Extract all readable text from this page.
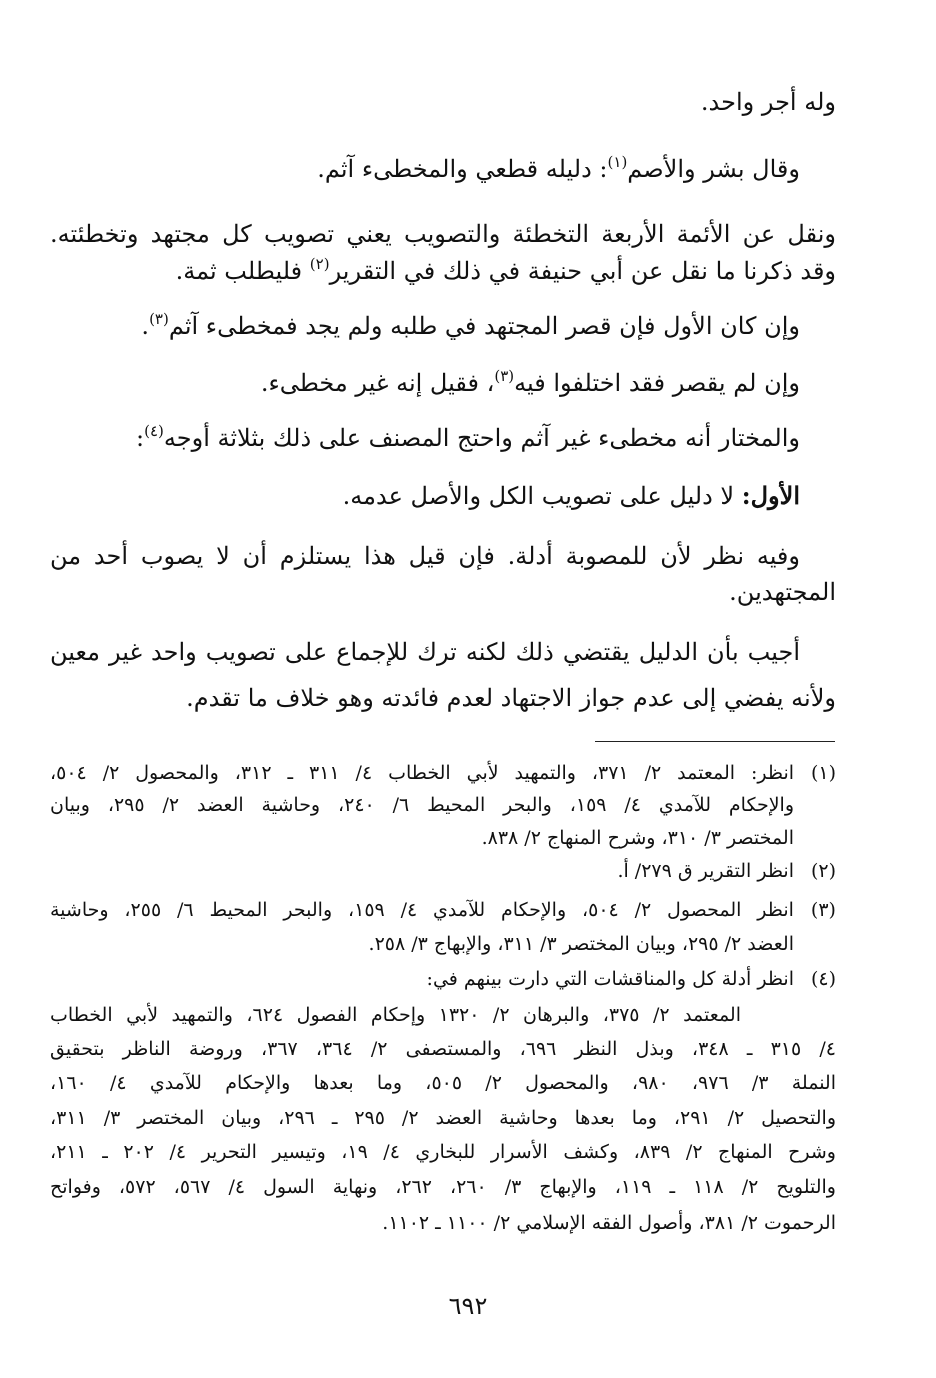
وله أجر واحد.
وقال بشر والأصم$^{(١)}$: دليله قطعي والمخطىء آثم.
ونقل عن الأئمة الأربعة التخطئة والتصويب يعني تصويب كل مجتهد وتخطئته.
وقد ذكرنا ما نقل عن أبي حنيفة في ذلك في التقرير$^{(٢)}$ فليطلب ثمة.
وإن كان الأول فإن قصر المجتهد في طلبه ولم يجد فمخطىء آثم$^{(٣)}$.
وإن لم يقصر فقد اختلفوا فيه$^{(٣)}$، فقيل إنه غير مخطىء.
والمختار أنه مخطىء غير آثم واحتج المصنف على ذلك بثلاثة أوجه$^{(٤)}$:
الأول: لا دليل على تصويب الكل والأصل عدمه.
وفيه نظر لأن للمصوبة أدلة. فإن قيل هذا يستلزم أن لا يصوب أحد من
المجتهدين.
أجيب بأن الدليل يقتضي ذلك لكنه ترك للإجماع على تصويب واحد غير معين
ولأنه يفضي إلى عدم جواز الاجتهاد لعدم فائدته وهو خلاف ما تقدم.
(١)انظر: المعتمد ٢/ ٣٧١، والتمهيد لأبي الخطاب ٤/ ٣١١ ـ ٣١٢، والمحصول ٢/ ٥٠٤،
والإحكام للآمدي ٤/ ١٥٩، والبحر المحيط ٦/ ٢٤٠، وحاشية العضد ٢/ ٢٩٥، وبيان
المختصر ٣/ ٣١٠، وشرح المنهاج ٢/ ٨٣٨.
(٢)انظر التقرير ق ٢٧٩/ أ.
(٣)انظر المحصول ٢/ ٥٠٤، والإحكام للآمدي ٤/ ١٥٩، والبحر المحيط ٦/ ٢٥٥، وحاشية
العضد ٢/ ٢٩٥، وبيان المختصر ٣/ ٣١١، والإبهاج ٣/ ٢٥٨.
(٤)انظر أدلة كل والمناقشات التي دارت بينهم في:
المعتمد ٢/ ٣٧٥، والبرهان ٢/ ١٣٢٠ وإحكام الفصول ٦٢٤، والتمهيد لأبي الخطاب
٤/ ٣١٥ ـ ٣٤٨، وبذل النظر ٦٩٦، والمستصفى ٢/ ٣٦٤، ٣٦٧، وروضة الناظر بتحقيق
النملة ٣/ ٩٧٦، ٩٨٠، والمحصول ٢/ ٥٠٥، وما بعدها والإحكام للآمدي ٤/ ١٦٠،
والتحصيل ٢/ ٢٩١، وما بعدها وحاشية العضد ٢/ ٢٩٥ ـ ٢٩٦، وبيان المختصر ٣/ ٣١١،
وشرح المنهاج ٢/ ٨٣٩، وكشف الأسرار للبخاري ٤/ ١٩، وتيسير التحرير ٤/ ٢٠٢ ـ ٢١١،
والتلويح ٢/ ١١٨ ـ ١١٩، والإبهاج ٣/ ٢٦٠، ٢٦٢، ونهاية السول ٤/ ٥٦٧، ٥٧٢، وفواتح
الرحموت ٢/ ٣٨١، وأصول الفقه الإسلامي ٢/ ١١٠٠ ـ ١١٠٢.
٦٩٢
